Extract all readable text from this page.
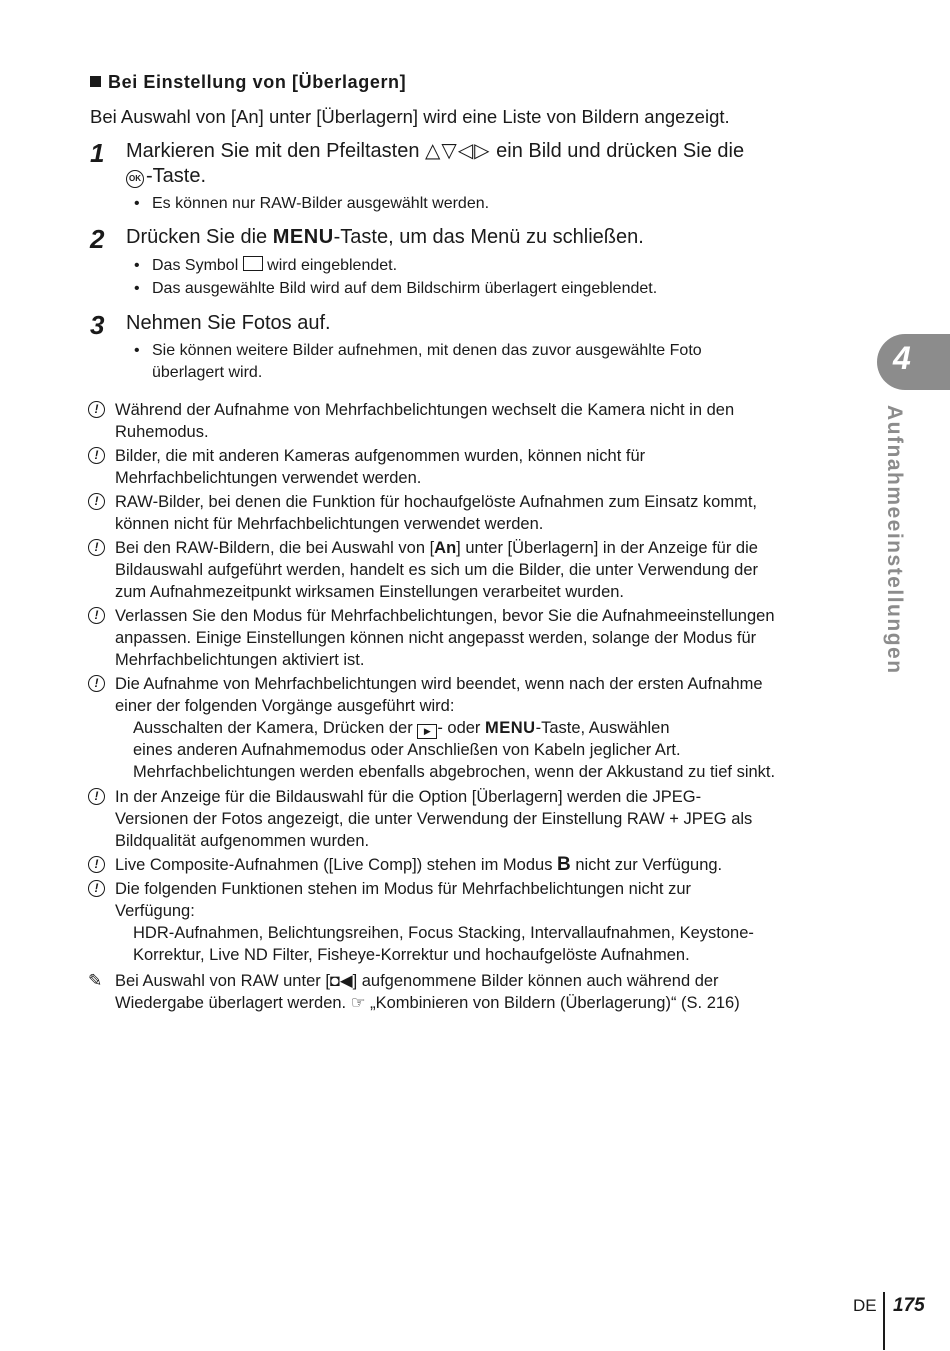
Bei Einstellung von [Überlagern]
Bei Auswahl von [An] unter [Überlagern] wird eine Liste von Bildern angezeigt.
1 Markieren Sie mit den Pfeiltasten △▽◁▷ ein Bild und drücken Sie die
OK -Taste.
• Es können nur RAW-Bilder ausgewählt werden.
2 Drücken Sie die MENU-Taste, um das Menü zu schließen.
• Das Symbol wird eingeblendet.
• Das ausgewählte Bild wird auf dem Bildschirm überlagert eingeblendet.
3 Nehmen Sie Fotos auf.
• Sie können weitere Bilder aufnehmen, mit denen das zuvor ausgewählte Foto
überlagert wird.
!	Während der Aufnahme von Mehrfachbelichtungen wechselt die Kamera nicht in den
Ruhemodus.
!	Bilder, die mit anderen Kameras aufgenommen wurden, können nicht für
Mehrfachbelichtungen verwendet werden.
!	RAW-Bilder, bei denen die Funktion für hochaufgelöste Aufnahmen zum Einsatz kommt,
können nicht für Mehrfachbelichtungen verwendet werden.
!	Bei den RAW-Bildern, die bei Auswahl von [An] unter [Überlagern] in der Anzeige für die
Bildauswahl aufgeführt werden, handelt es sich um die Bilder, die unter Verwendung der
zum Aufnahmezeitpunkt wirksamen Einstellungen verarbeitet wurden.
!	Verlassen Sie den Modus für Mehrfachbelichtungen, bevor Sie die Aufnahmeeinstellungen
anpassen. Einige Einstellungen können nicht angepasst werden, solange der Modus für
Mehrfachbelichtungen aktiviert ist.
!	Die Aufnahme von Mehrfachbelichtungen wird beendet, wenn nach der ersten Aufnahme
einer der folgenden Vorgänge ausgeführt wird:
Ausschalten der Kamera, Drücken der ▶ - oder MENU-Taste, Auswählen
eines anderen Aufnahmemodus oder Anschließen von Kabeln jeglicher Art.
Mehrfachbelichtungen werden ebenfalls abgebrochen, wenn der Akkustand zu tief sinkt.
!	In der Anzeige für die Bildauswahl für die Option [Überlagern] werden die JPEG-
Versionen der Fotos angezeigt, die unter Verwendung der Einstellung RAW + JPEG als
Bildqualität aufgenommen wurden.
!	Live Composite-Aufnahmen ([Live Comp]) stehen im Modus B nicht zur Verfügung.
!	Die folgenden Funktionen stehen im Modus für Mehrfachbelichtungen nicht zur
Verfügung:
HDR-Aufnahmen, Belichtungsreihen, Focus Stacking, Intervallaufnahmen, Keystone-
Korrektur, Live ND Filter, Fisheye-Korrektur und hochaufgelöste Aufnahmen.
✎ Bei Auswahl von RAW unter [◘◀] aufgenommene Bilder können auch während der
Wiedergabe überlagert werden. ☞ „Kombinieren von Bildern (Überlagerung)“ (S. 216)
4
Aufnahmeeinstellungen
DE 175
